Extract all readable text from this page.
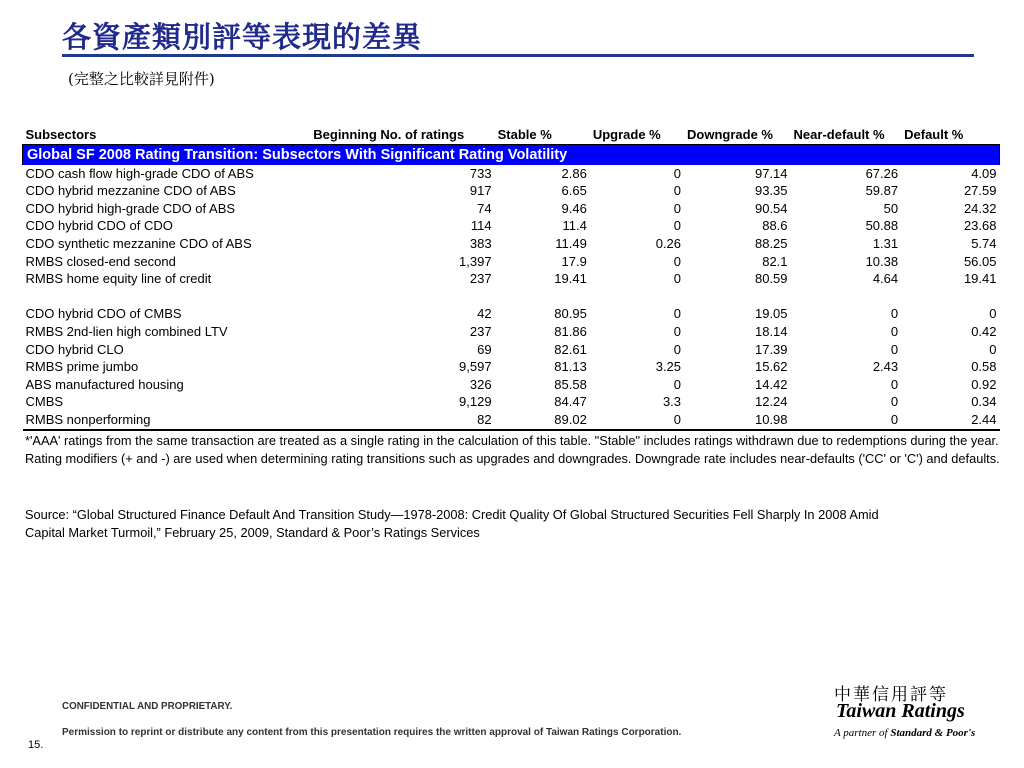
各資產類別評等表現的差異
(完整之比較詳見附件)
Global SF 2008 Rating Transition: Subsectors With Significant Rating Volatility						
Subsectors	Beginning No. of ratings	Stable %	Upgrade %	Downgrade %	Near-default %	Default %
CDO cash flow high-grade CDO of ABS	733	2.86	0	97.14	67.26	4.09
CDO hybrid mezzanine CDO of ABS	917	6.65	0	93.35	59.87	27.59
CDO hybrid high-grade CDO of ABS	74	9.46	0	90.54	50	24.32
CDO hybrid CDO of CDO	114	11.4	0	88.6	50.88	23.68
CDO synthetic mezzanine CDO of ABS	383	11.49	0.26	88.25	1.31	5.74
RMBS closed-end second	1,397	17.9	0	82.1	10.38	56.05
RMBS home equity line of credit	237	19.41	0	80.59	4.64	19.41

CDO hybrid CDO of CMBS	42	80.95	0	19.05	0	0
RMBS 2nd-lien high combined LTV	237	81.86	0	18.14	0	0.42
CDO hybrid CLO	69	82.61	0	17.39	0	0
RMBS prime jumbo	9,597	81.13	3.25	15.62	2.43	0.58
ABS manufactured housing	326	85.58	0	14.42	0	0.92
CMBS	9,129	84.47	3.3	12.24	0	0.34
RMBS nonperforming	82	89.02	0	10.98	0	2.44
*'AAA' ratings from the same transaction are treated as a single rating in the calculation of this table. "Stable" includes ratings withdrawn due to redemptions during the year. Rating modifiers (+ and -) are used when determining rating transitions such as upgrades and downgrades. Downgrade rate includes near-defaults ('CC' or 'C') and defaults.
Source: “Global Structured Finance Default And Transition Study—1978-2008: Credit Quality Of Global Structured Securities Fell Sharply In 2008 Amid Capital Market Turmoil,” February 25, 2009, Standard & Poor’s Ratings Services
CONFIDENTIAL AND PROPRIETARY.
Permission to reprint or distribute any content from this presentation requires the written approval of Taiwan Ratings Corporation.
15.
中華信用評等
Taiwan Ratings
A partner of Standard & Poor's
